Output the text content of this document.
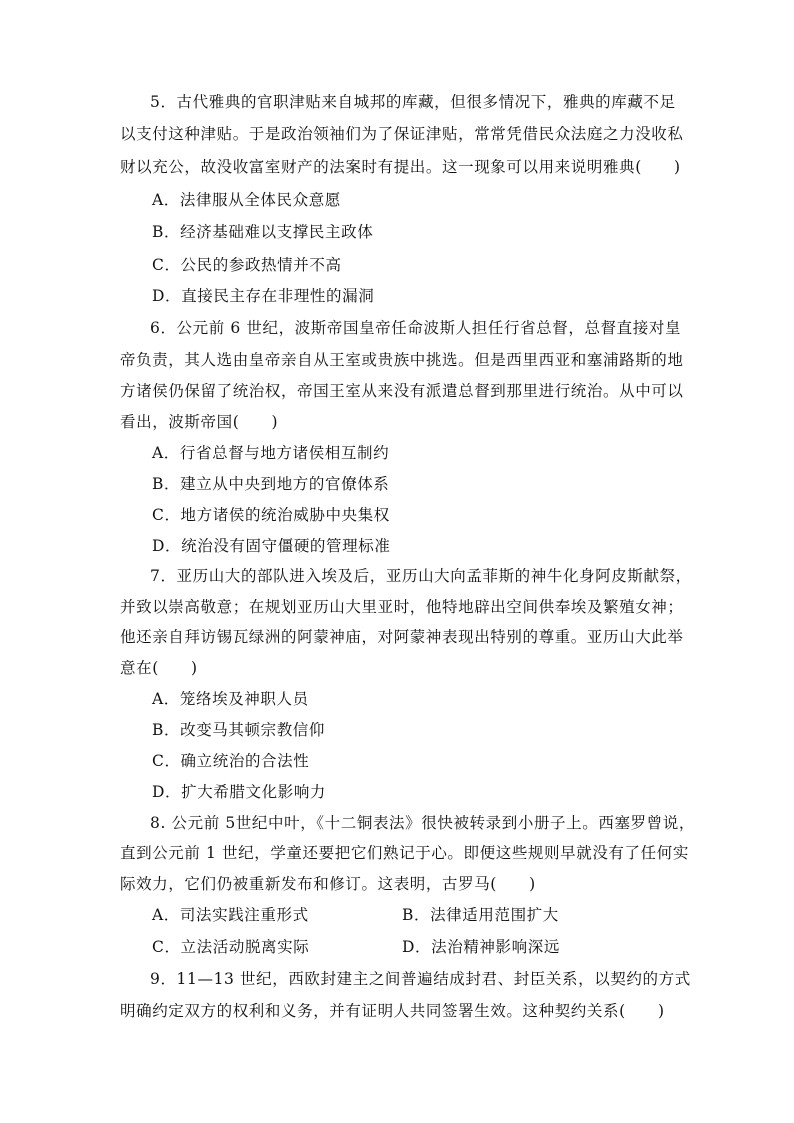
5．古代雅典的官职津贴来自城邦的库藏，但很多情况下，雅典的库藏不足
以支付这种津贴。于是政治领袖们为了保证津贴，常常凭借民众法庭之力没收私
财以充公，故没收富室财产的法案时有提出。这一现象可以用来说明雅典(　　)
A．法律服从全体民众意愿
B．经济基础难以支撑民主政体
C．公民的参政热情并不高
D．直接民主存在非理性的漏洞
6．公元前 6 世纪，波斯帝国皇帝任命波斯人担任行省总督，总督直接对皇
帝负责，其人选由皇帝亲自从王室或贵族中挑选。但是西里西亚和塞浦路斯的地
方诸侯仍保留了统治权，帝国王室从来没有派遣总督到那里进行统治。从中可以
看出，波斯帝国(　　)
A．行省总督与地方诸侯相互制约
B．建立从中央到地方的官僚体系
C．地方诸侯的统治威胁中央集权
D．统治没有固守僵硬的管理标准
7．亚历山大的部队进入埃及后，亚历山大向孟菲斯的神牛化身阿皮斯献祭，
并致以崇高敬意；在规划亚历山大里亚时，他特地辟出空间供奉埃及繁殖女神；
他还亲自拜访锡瓦绿洲的阿蒙神庙，对阿蒙神表现出特别的尊重。亚历山大此举
意在(　　)
A．笼络埃及神职人员
B．改变马其顿宗教信仰
C．确立统治的合法性
D．扩大希腊文化影响力
8. 公元前 5世纪中叶，《十二铜表法》很快被转录到小册子上。西塞罗曾说，
直到公元前 1 世纪，学童还要把它们熟记于心。即便这些规则早就没有了任何实
际效力，它们仍被重新发布和修订。这表明，古罗马(　　)
A．司法实践注重形式	B．法律适用范围扩大
C．立法活动脱离实际	D．法治精神影响深远
9．11—13 世纪，西欧封建主之间普遍结成封君、封臣关系，以契约的方式
明确约定双方的权利和义务，并有证明人共同签署生效。这种契约关系(　　)
